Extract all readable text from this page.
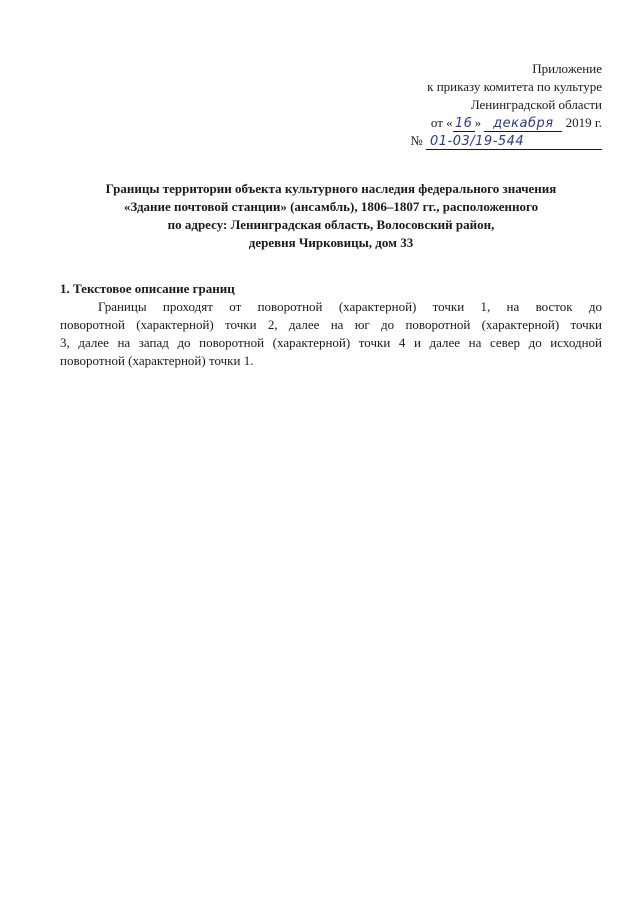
Приложение
к приказу комитета по культуре
Ленинградской области
от « 16 » декабря 2019 г.
№ 01-03/19-544
Границы территории объекта культурного наследия федерального значения
«Здание почтовой станции» (ансамбль), 1806–1807 гг., расположенного
по адресу: Ленинградская область, Волосовский район,
деревня Чирковицы, дом 33
1. Текстовое описание границ
Границы проходят от поворотной (характерной) точки 1, на восток до
поворотной (характерной) точки 2, далее на юг до поворотной (характерной) точки
3, далее на запад до поворотной (характерной) точки 4 и далее на север до исходной
поворотной (характерной) точки 1.
